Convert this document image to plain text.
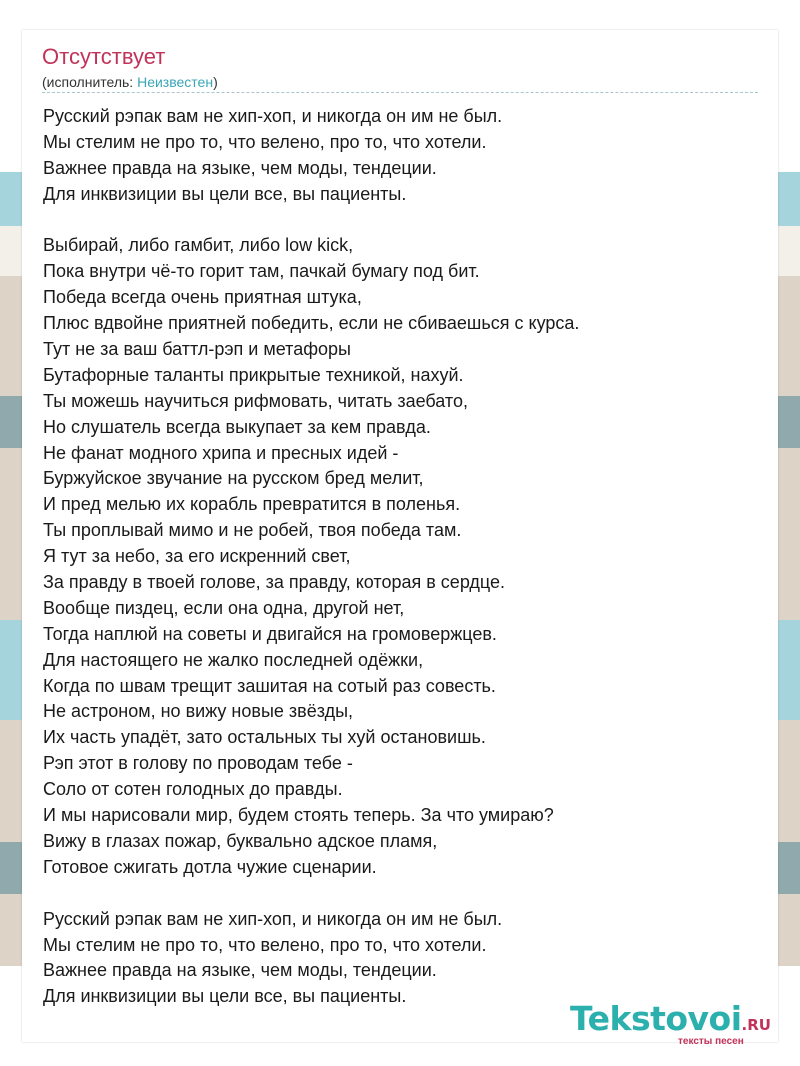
Отсутствует
(исполнитель: Неизвестен)
Русский рэпак вам не хип-хоп, и никогда он им не был.
Мы стелим не про то, что велено, про то, что хотели.
Важнее правда на языке, чем моды, тендеции.
Для инквизиции вы цели все, вы пациенты.
Выбирай, либо гамбит, либо low kick,
Пока внутри чё-то горит там, пачкай бумагу под бит.
Победа всегда очень приятная штука,
Плюс вдвойне приятней победить, если не сбиваешься с курса.
Тут не за ваш баттл-рэп и метафоры
Бутафорные таланты прикрытые техникой, нахуй.
Ты можешь научиться рифмовать, читать заебато,
Но слушатель всегда выкупает за кем правда.
Не фанат модного хрипа и пресных идей -
Буржуйское звучание на русском бред мелит,
И пред мелью их корабль превратится в поленья.
Ты проплывай мимо и не робей, твоя победа там.
Я тут за небо, за его искренний свет,
За правду в твоей голове, за правду, которая в сердце.
Вообще пиздец, если она одна, другой нет,
Тогда наплюй на советы и двигайся на громовержцев.
Для настоящего не жалко последней одёжки,
Когда по швам трещит зашитая на сотый раз совесть.
Не астроном, но вижу новые звёзды,
Их часть упадёт, зато остальных ты хуй остановишь.
Рэп этот в голову по проводам тебе -
Соло от сотен голодных до правды.
И мы нарисовали мир, будем стоять теперь. За что умираю?
Вижу в глазах пожар, буквально адское пламя,
Готовое сжигать дотла чужие сценарии.
Русский рэпак вам не хип-хоп, и никогда он им не был.
Мы стелим не про то, что велено, про то, что хотели.
Важнее правда на языке, чем моды, тендеции.
Для инквизиции вы цели все, вы пациенты.
Tekstovoi.RU
тексты песен
